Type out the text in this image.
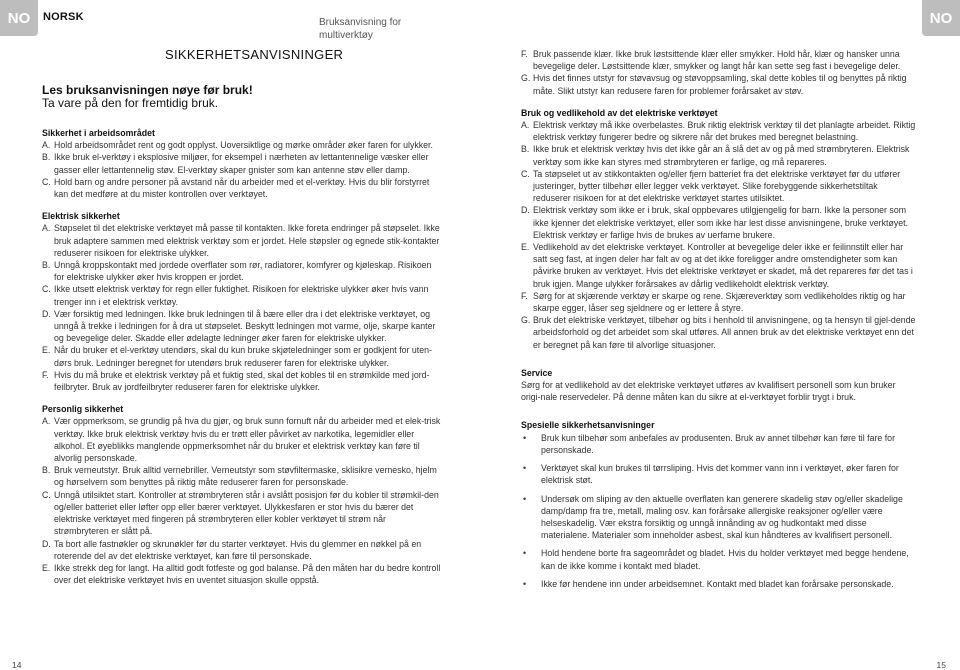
NO	NO
NORSK	Bruksanvisning for
multiverktøy
SIKKERHETSANVISNINGER
Les bruksanvisningen nøye før bruk!
Ta vare på den for fremtidig bruk.
Sikkerhet i arbeidsområdet
A. Hold arbeidsområdet rent og godt opplyst. Uoversiktlige og mørke områder øker faren for ulykker.
B. Ikke bruk el-verktøy i eksplosive miljøer, for eksempel i nærheten av lettantennelige væsker eller gasser eller lettantennelig støv. El-verktøy skaper gnister som kan antenne støv eller damp.
C. Hold barn og andre personer på avstand når du arbeider med et el-verktøy. Hvis du blir forstyrret kan det medføre at du mister kontrollen over verktøyet.
Elektrisk sikkerhet
A. Støpselet til det elektriske verktøyet må passe til kontakten. Ikke foreta endringer på støpselet. Ikke bruk adaptere sammen med elektrisk verktøy som er jordet. Hele støpsler og egnede stik-kontakter reduserer risikoen for elektriske ulykker.
B. Unngå kroppskontakt med jordede overflater som rør, radiatorer, komfyrer og kjøleskap. Risikoen for elektriske ulykker øker hvis kroppen er jordet.
C. Ikke utsett elektrisk verktøy for regn eller fuktighet. Risikoen for elektriske ulykker øker hvis vann trenger inn i et elektrisk verktøy.
D. Vær forsiktig med ledningen. Ikke bruk ledningen til å bære eller dra i det elektriske verktøyet, og unngå å trekke i ledningen for å dra ut støpselet. Beskytt ledningen mot varme, olje, skarpe kanter og bevegelige deler. Skadde eller ødelagte ledninger øker faren for elektriske ulykker.
E. Når du bruker et el-verktøy utendørs, skal du kun bruke skjøteledninger som er godkjent for uten-dørs bruk. Ledninger beregnet for utendørs bruk reduserer faren for elektriske ulykker.
F. Hvis du må bruke et elektrisk verktøy på et fuktig sted, skal det kobles til en strømkilde med jord-feilbryter. Bruk av jordfeilbryter reduserer faren for elektriske ulykker.
Personlig sikkerhet
A. Vær oppmerksom, se grundig på hva du gjør, og bruk sunn fornuft når du arbeider med et elek-trisk verktøy. Ikke bruk elektrisk verktøy hvis du er trøtt eller påvirket av narkotika, legemidler eller alkohol. Et øyeblikks manglende oppmerksomhet når du bruker et elektrisk verktøy kan føre til alvorlig personskade.
B. Bruk verneutstyr. Bruk alltid vernebriller. Verneutstyr som støvfiltermaske, sklisikre vernesko, hjelm og hørselvern som benyttes på riktig måte reduserer faren for personskade.
C. Unngå utilsiktet start. Kontroller at strømbryteren står i avslått posisjon før du kobler til strømkil-den og/eller batteriet eller løfter opp eller bærer verktøyet. Ulykkesfaren er stor hvis du bærer det elektriske verktøyet med fingeren på strømbryteren eller kobler verktøyet til strøm når strømbryteren er slått på.
D. Ta bort alle fastnøkler og skrunøkler før du starter verktøyet. Hvis du glemmer en nøkkel på en roterende del av det elektriske verktøyet, kan føre til personskade.
E. Ikke strekk deg for langt. Ha alltid godt fotfeste og god balanse. På den måten har du bedre kontroll over det elektriske verktøyet hvis en uventet situasjon skulle oppstå.
F. Bruk passende klær. Ikke bruk løstsittende klær eller smykker. Hold hår, klær og hansker unna bevegelige deler. Løstsittende klær, smykker og langt hår kan sette seg fast i bevegelige deler.
G. Hvis det finnes utstyr for støvavsug og støvoppsamling, skal dette kobles til og benyttes på riktig måte. Slikt utstyr kan redusere faren for problemer forårsaket av støv.
Bruk og vedlikehold av det elektriske verktøyet
A. Elektrisk verktøy må ikke overbelastes. Bruk riktig elektrisk verktøy til det planlagte arbeidet. Riktig elektrisk verktøy fungerer bedre og sikrere når det brukes med beregnet belastning.
B. Ikke bruk et elektrisk verktøy hvis det ikke går an å slå det av og på med strømbryteren. Elektrisk verktøy som ikke kan styres med strømbryteren er farlige, og må repareres.
C. Ta støpselet ut av stikkontakten og/eller fjern batteriet fra det elektriske verktøyet før du utfører justeringer, bytter tilbehør eller legger vekk verktøyet. Slike forebyggende sikkerhetstiltak reduserer risikoen for at det elektriske verktøyet startes utilsiktet.
D. Elektrisk verktøy som ikke er i bruk, skal oppbevares utilgjengelig for barn. Ikke la personer som ikke kjenner det elektriske verktøyet, eller som ikke har lest disse anvisningene, bruke verktøyet. Elektrisk verktøy er farlige hvis de brukes av uerfarne brukere.
E. Vedlikehold av det elektriske verktøyet. Kontroller at bevegelige deler ikke er feilinnstilt eller har satt seg fast, at ingen deler har falt av og at det ikke foreligger andre omstendigheter som kan påvirke bruken av verktøyet. Hvis det elektriske verktøyet er skadet, må det repareres før det tas i bruk igjen. Mange ulykker forårsakes av dårlig vedlikeholdt elektrisk verktøy.
F. Sørg for at skjærende verktøy er skarpe og rene. Skjæreverktøy som vedlikeholdes riktig og har skarpe egger, låser seg sjeldnere og er lettere å styre.
G. Bruk det elektriske verktøyet, tilbehør og bits i henhold til anvisningene, og ta hensyn til gjel-dende arbeidsforhold og det arbeidet som skal utføres. All annen bruk av det elektriske verktøyet enn det er beregnet på kan føre til alvorlige situasjoner.
Service
Sørg for at vedlikehold av det elektriske verktøyet utføres av kvalifisert personell som kun bruker origi-nale reservedeler. På denne måten kan du sikre at el-verktøyet forblir trygt i bruk.
Spesielle sikkerhetsanvisninger
•	Bruk kun tilbehør som anbefales av produsenten. Bruk av annet tilbehør kan føre til fare for personskade.
•	Verktøyet skal kun brukes til tørrsliping. Hvis det kommer vann inn i verktøyet, øker faren for elektrisk støt.
•	Undersøk om sliping av den aktuelle overflaten kan generere skadelig støv og/eller skadelige damp/damp fra tre, metall, maling osv. kan forårsake allergiske reaksjoner og/eller være helseskadelig. Vær ekstra forsiktig og unngå innånding av og hudkontakt med disse materialene. Materialer som inneholder asbest, skal kun håndteres av kvalifisert personell.
•	Hold hendene borte fra sageområdet og bladet. Hvis du holder verktøyet med begge hendene, kan de ikke komme i kontakt med bladet.
•	Ikke før hendene inn under arbeidsemnet. Kontakt med bladet kan forårsake personskade.
14	15
